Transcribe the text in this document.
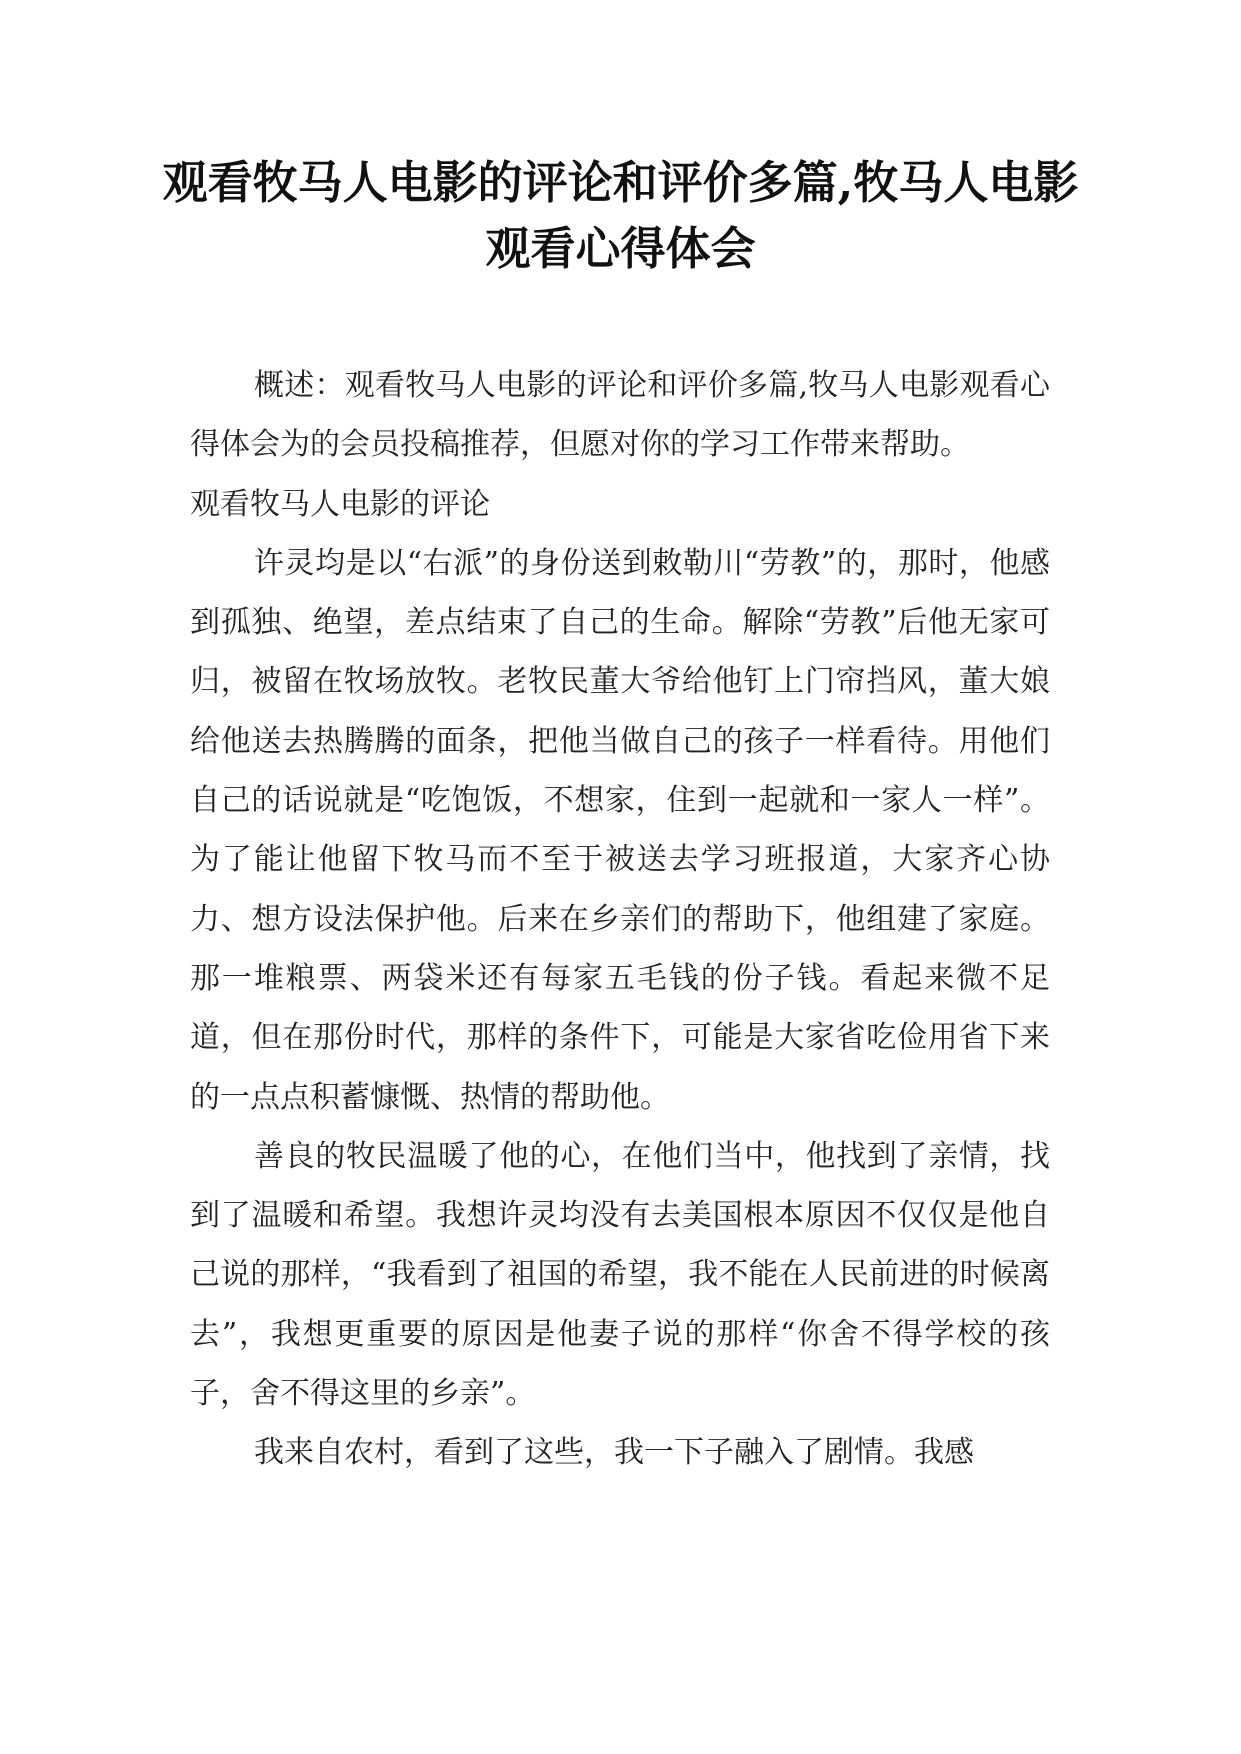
观看牧马人电影的评论和评价多篇,牧马人电影观看心得体会

概述：观看牧马人电影的评论和评价多篇,牧马人电影观看心得体会为的会员投稿推荐，但愿对你的学习工作带来帮助。

观看牧马人电影的评论

许灵均是以“右派”的身份送到敕勒川“劳教”的，那时，他感到孤独、绝望，差点结束了自己的生命。解除“劳教”后他无家可归，被留在牧场放牧。老牧民董大爷给他钉上门帘挡风，董大娘给他送去热腾腾的面条，把他当做自己的孩子一样看待。用他们自己的话说就是“吃饱饭，不想家，住到一起就和一家人一样”。为了能让他留下牧马而不至于被送去学习班报道，大家齐心协力、想方设法保护他。后来在乡亲们的帮助下，他组建了家庭。那一堆粮票、两袋米还有每家五毛钱的份子钱。看起来微不足道，但在那份时代，那样的条件下，可能是大家省吃俭用省下来的一点点积蓄慷慨、热情的帮助他。

善良的牧民温暖了他的心，在他们当中，他找到了亲情，找到了温暖和希望。我想许灵均没有去美国根本原因不仅仅是他自己说的那样，“我看到了祖国的希望，我不能在人民前进的时候离去”，我想更重要的原因是他妻子说的那样“你舍不得学校的孩子，舍不得这里的乡亲”。

我来自农村，看到了这些，我一下子融入了剧情。我感
